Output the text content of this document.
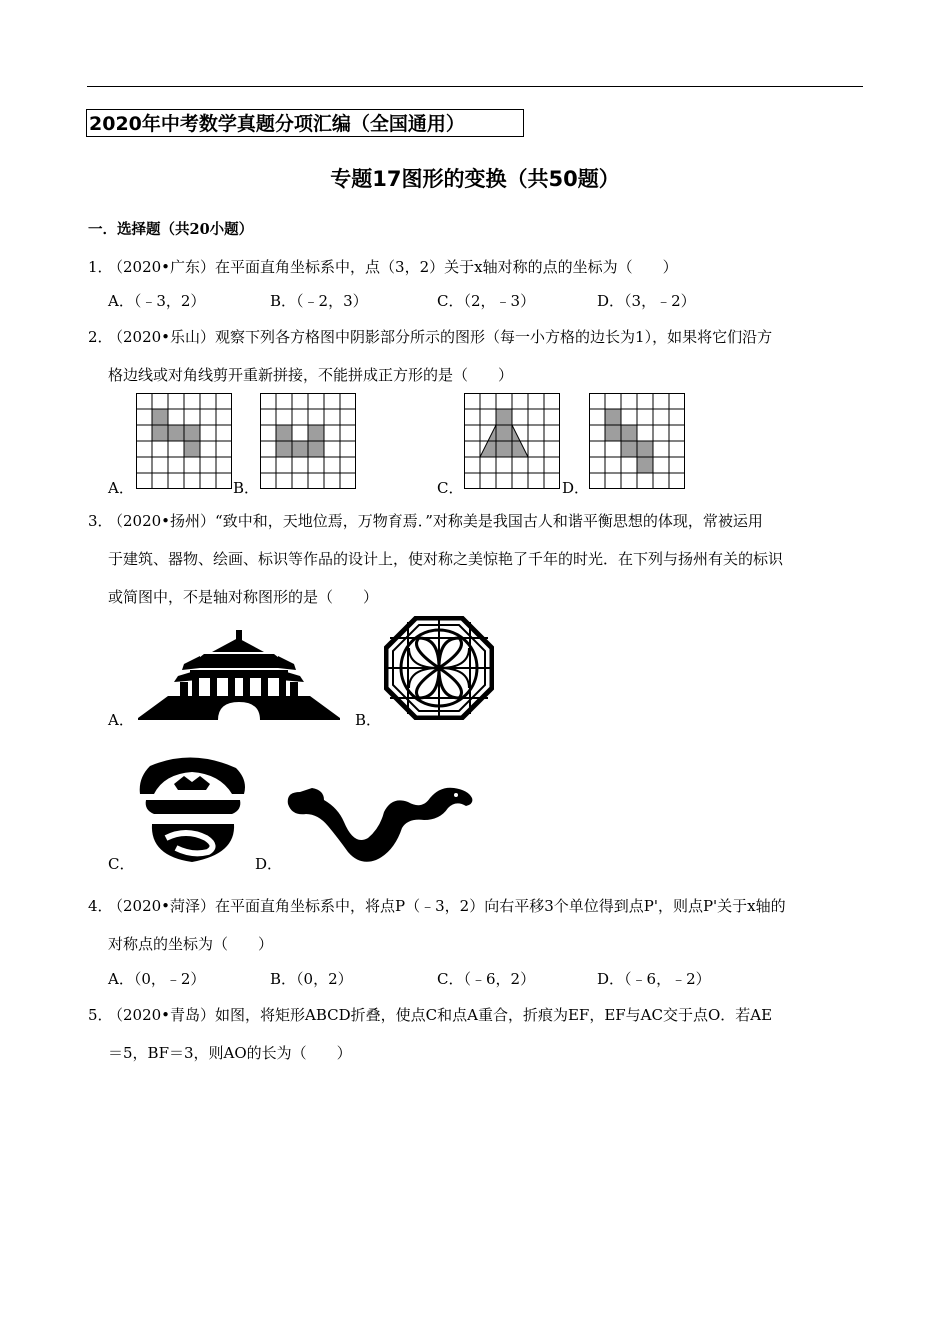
2020年中考数学真题分项汇编（全国通用）
专题17图形的变换（共50题）
一．选择题（共20小题）
1．
（2020•广东）在平面直角坐标系中，点（3，2）关于x轴对称的点的坐标为（　　）
A．（﹣3，2）	B．（﹣2，3）	C．（2，﹣3）	D．（3，﹣2）
2．
（2020•乐山）观察下列各方格图中阴影部分所示的图形（每一小方格的边长为1），如果将它们沿方
格边线或对角线剪开重新拼接，不能拼成正方形的是（　　）
A．	B．	C．	D．
3．
（2020•扬州）“致中和，天地位焉，万物育焉．”对称美是我国古人和谐平衡思想的体现，常被运用
于建筑、器物、绘画、标识等作品的设计上，使对称之美惊艳了千年的时光．在下列与扬州有关的标识
或简图中，不是轴对称图形的是（　　）
A．	B．
C．	D．
4．
（2020•菏泽）在平面直角坐标系中，将点P（﹣3，2）向右平移3个单位得到点P'，则点P'关于x轴的
对称点的坐标为（　　）
A．（0，﹣2）	B．（0，2）	C．（﹣6，2）	D．（﹣6，﹣2）
5．
（2020•青岛）如图，将矩形ABCD折叠，使点C和点A重合，折痕为EF，EF与AC交于点O．若AE
＝5，BF＝3，则AO的长为（　　）
